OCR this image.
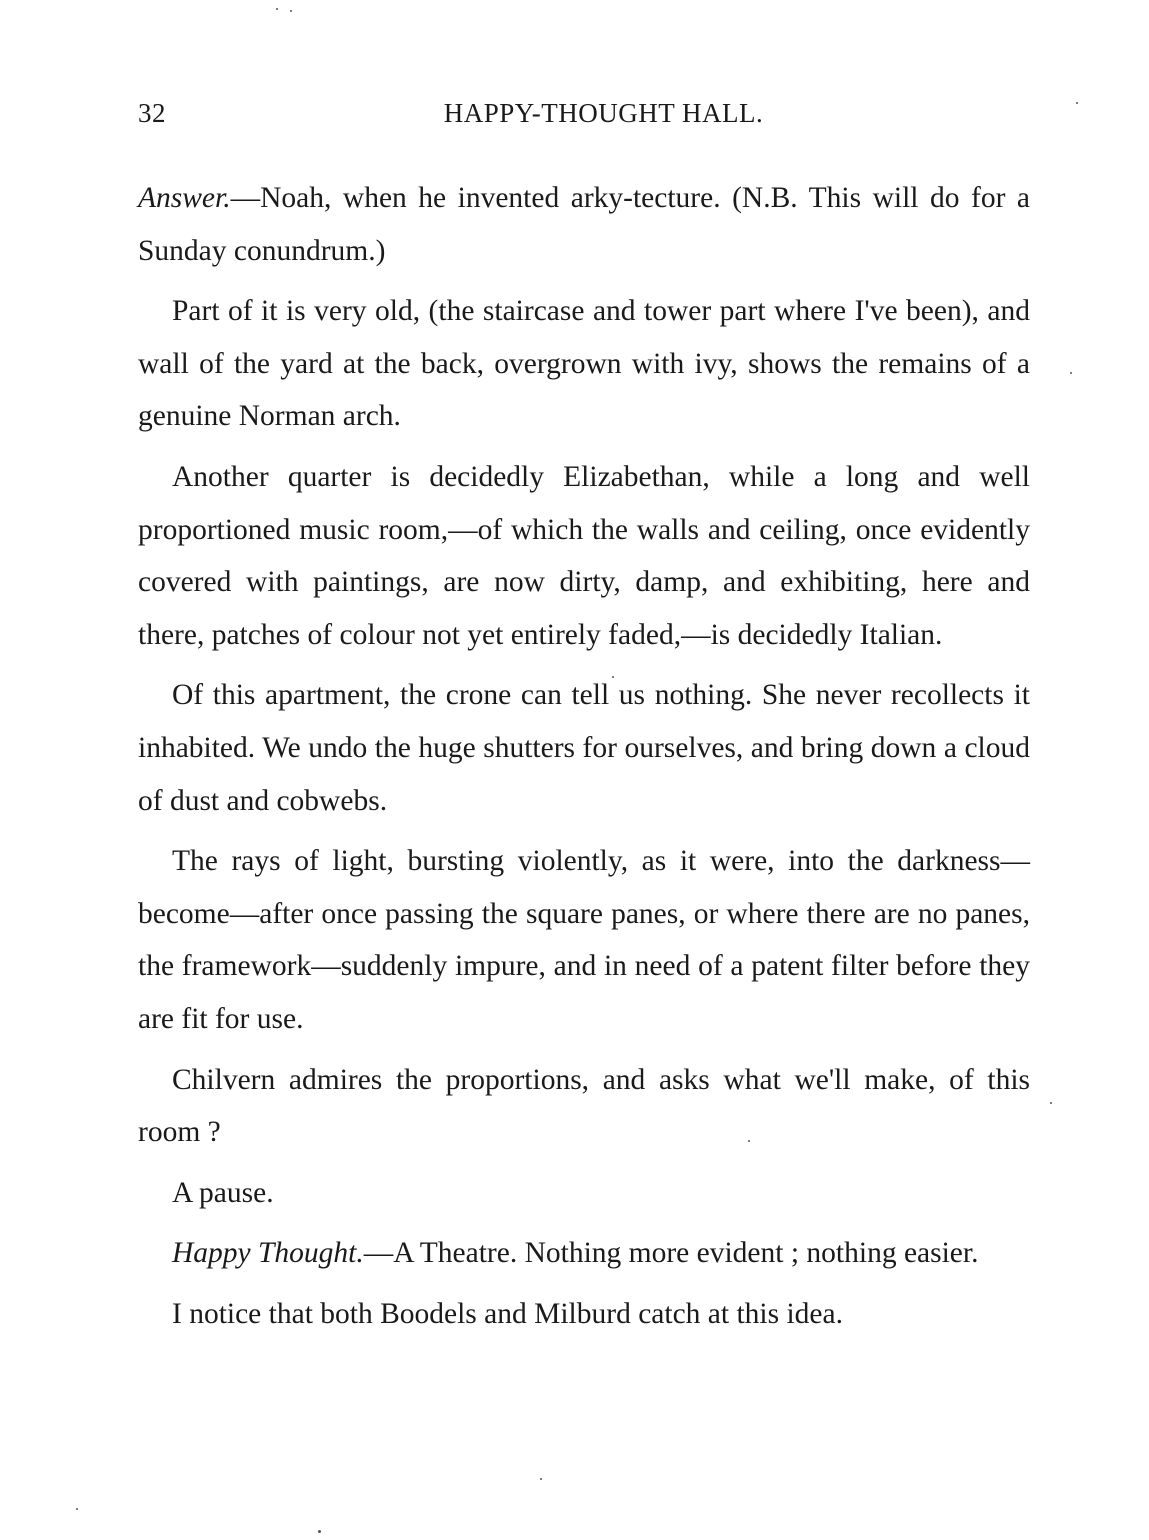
32	HAPPY-THOUGHT HALL.

Answer.—Noah, when he invented arky-tecture. (N.B. This will do for a Sunday conundrum.)

Part of it is very old, (the staircase and tower part where I've been), and wall of the yard at the back, overgrown with ivy, shows the remains of a genuine Norman arch.

Another quarter is decidedly Elizabethan, while a long and well proportioned music room,—of which the walls and ceiling, once evidently covered with paintings, are now dirty, damp, and exhibiting, here and there, patches of colour not yet entirely faded,—is decidedly Italian.

Of this apartment, the crone can tell us nothing. She never recollects it inhabited. We undo the huge shutters for ourselves, and bring down a cloud of dust and cobwebs.

The rays of light, bursting violently, as it were, into the darkness—become—after once passing the square panes, or where there are no panes, the framework—suddenly impure, and in need of a patent filter before they are fit for use.

Chilvern admires the proportions, and asks what we'll make, of this room ?

A pause.

Happy Thought.—A Theatre. Nothing more evident ; nothing easier.

I notice that both Boodels and Milburd catch at this idea.
